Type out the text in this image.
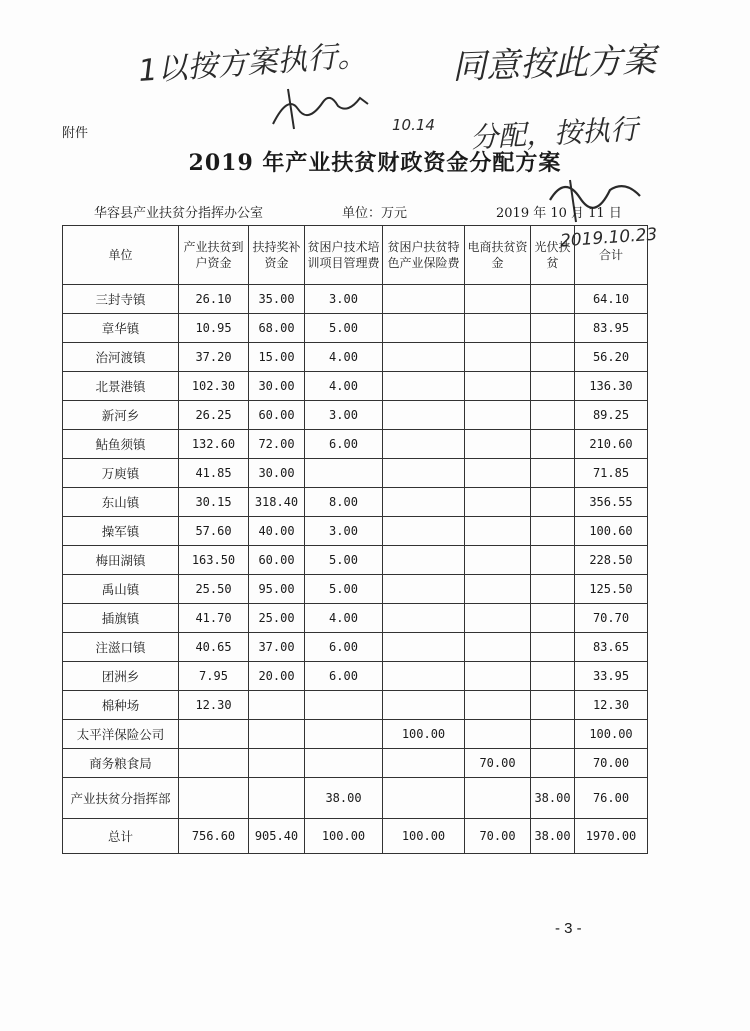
1以按方案执行。 同意按此方案
10.14 分配，按执行
2019.10.23
附件
2019 年产业扶贫财政资金分配方案
华容县产业扶贫分指挥办公室	单位：万元	2019 年 10 月 11 日
单位	产业扶贫到户资金	扶持奖补资金	贫困户技术培训项目管理费	贫困户扶贫特色产业保险费	电商扶贫资金	光伏扶贫	合计
三封寺镇	26.10	35.00	3.00				64.10
章华镇	10.95	68.00	5.00				83.95
治河渡镇	37.20	15.00	4.00				56.20
北景港镇	102.30	30.00	4.00				136.30
新河乡	26.25	60.00	3.00				89.25
鲇鱼须镇	132.60	72.00	6.00				210.60
万庾镇	41.85	30.00					71.85
东山镇	30.15	318.40	8.00				356.55
操军镇	57.60	40.00	3.00				100.60
梅田湖镇	163.50	60.00	5.00				228.50
禹山镇	25.50	95.00	5.00				125.50
插旗镇	41.70	25.00	4.00				70.70
注滋口镇	40.65	37.00	6.00				83.65
团洲乡	7.95	20.00	6.00				33.95
棉种场	12.30						12.30
太平洋保险公司				100.00			100.00
商务粮食局					70.00		70.00
产业扶贫分指挥部			38.00			38.00	76.00
总计	756.60	905.40	100.00	100.00	70.00	38.00	1970.00
- 3 -
